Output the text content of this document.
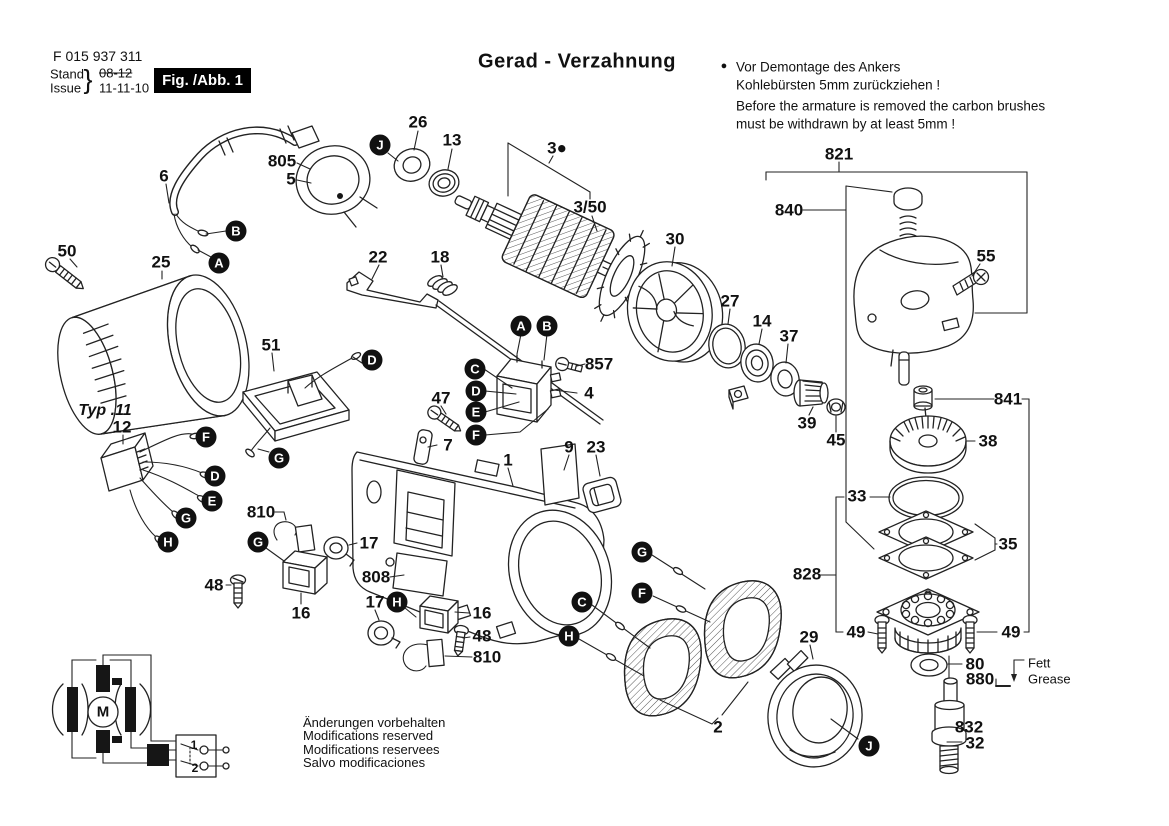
F 015 937 311
Stand
Issue } 08-12
11-11-10 Fig. /Abb. 1
Gerad - Verzahnung	● Vor Demontage des Ankers
Kohlebürsten 5mm zurückziehen !
Before the armature is removed the carbon brushes
must be withdrawn by at least 5mm !
Typ .11
Fett
Grease
Änderungen vorbehalten
Modifications reserved
Modifications reservees
Salvo modificaciones
M
1
2
26
13	3●
3/50
805
5
6
50
25	22	18
30
27
14
37
39
45
821
840
55
841
38
33
35
828
49	49
80
880
29
832
32
857
4
47
7
51
12
1
9 23
810
17
48
16
808
17
16
48
810
2
J
B
A
A	B
C
D
E
F
D
G
F
D
E
G
H	G
H
G
F
C
H
J
